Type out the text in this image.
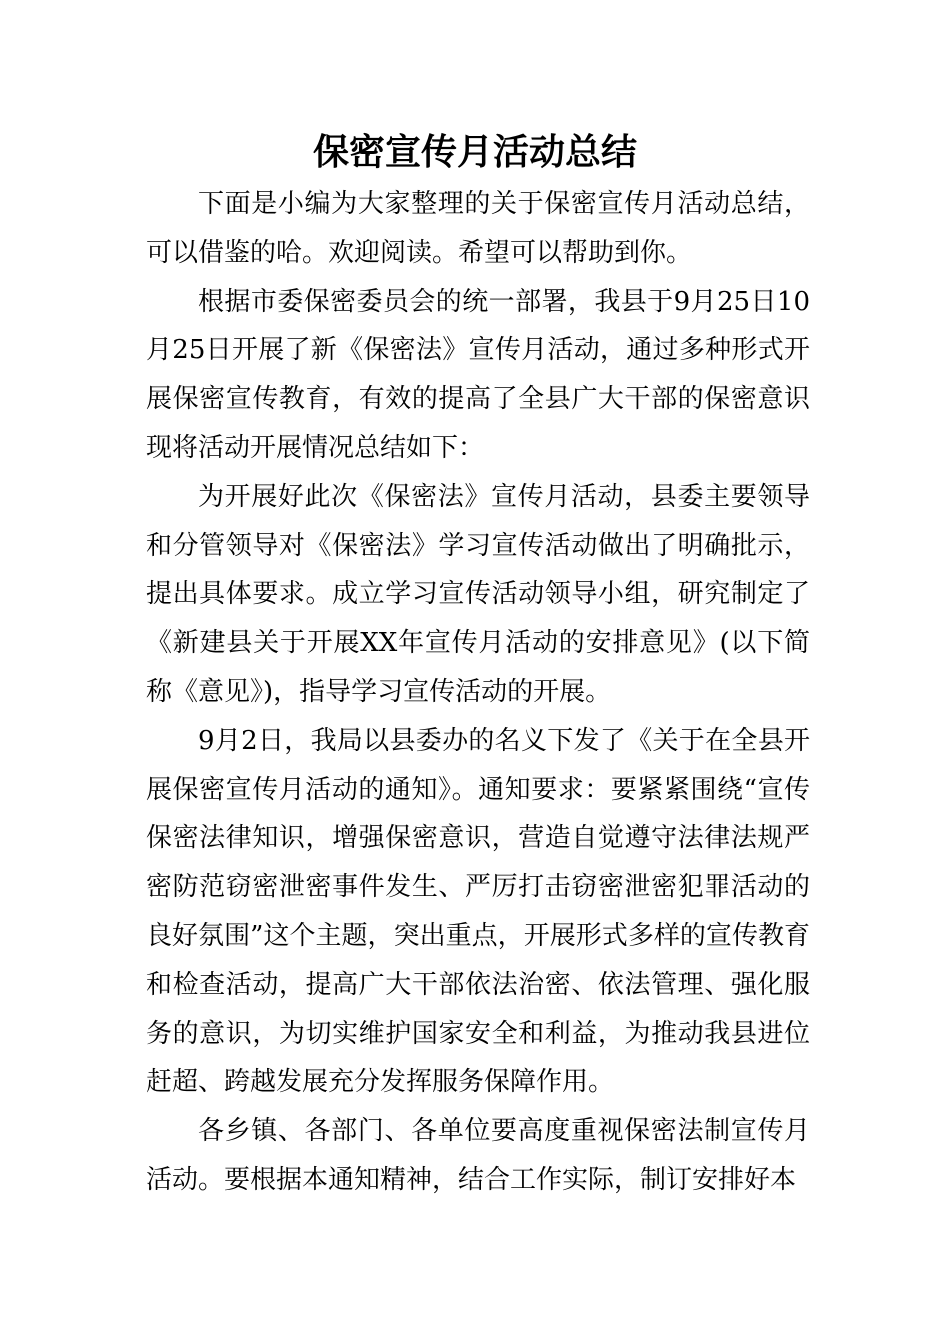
保密宣传月活动总结

下面是小编为大家整理的关于保密宣传月活动总结，可以借鉴的哈。欢迎阅读。希望可以帮助到你。

根据市委保密委员会的统一部署，我县于9月25日10月25日开展了新《保密法》宣传月活动，通过多种形式开展保密宣传教育，有效的提高了全县广大干部的保密意识现将活动开展情况总结如下：

为开展好此次《保密法》宣传月活动，县委主要领导和分管领导对《保密法》学习宣传活动做出了明确批示，提出具体要求。成立学习宣传活动领导小组，研究制定了《新建县关于开展XX年宣传月活动的安排意见》(以下简称《意见》)，指导学习宣传活动的开展。

9月2日，我局以县委办的名义下发了《关于在全县开展保密宣传月活动的通知》。通知要求：要紧紧围绕“宣传保密法律知识，增强保密意识，营造自觉遵守法律法规严密防范窃密泄密事件发生、严厉打击窃密泄密犯罪活动的良好氛围”这个主题，突出重点，开展形式多样的宣传教育和检查活动，提高广大干部依法治密、依法管理、强化服务的意识，为切实维护国家安全和利益，为推动我县进位赶超、跨越发展充分发挥服务保障作用。

各乡镇、各部门、各单位要高度重视保密法制宣传月活动。要根据本通知精神，结合工作实际，制订安排好本
